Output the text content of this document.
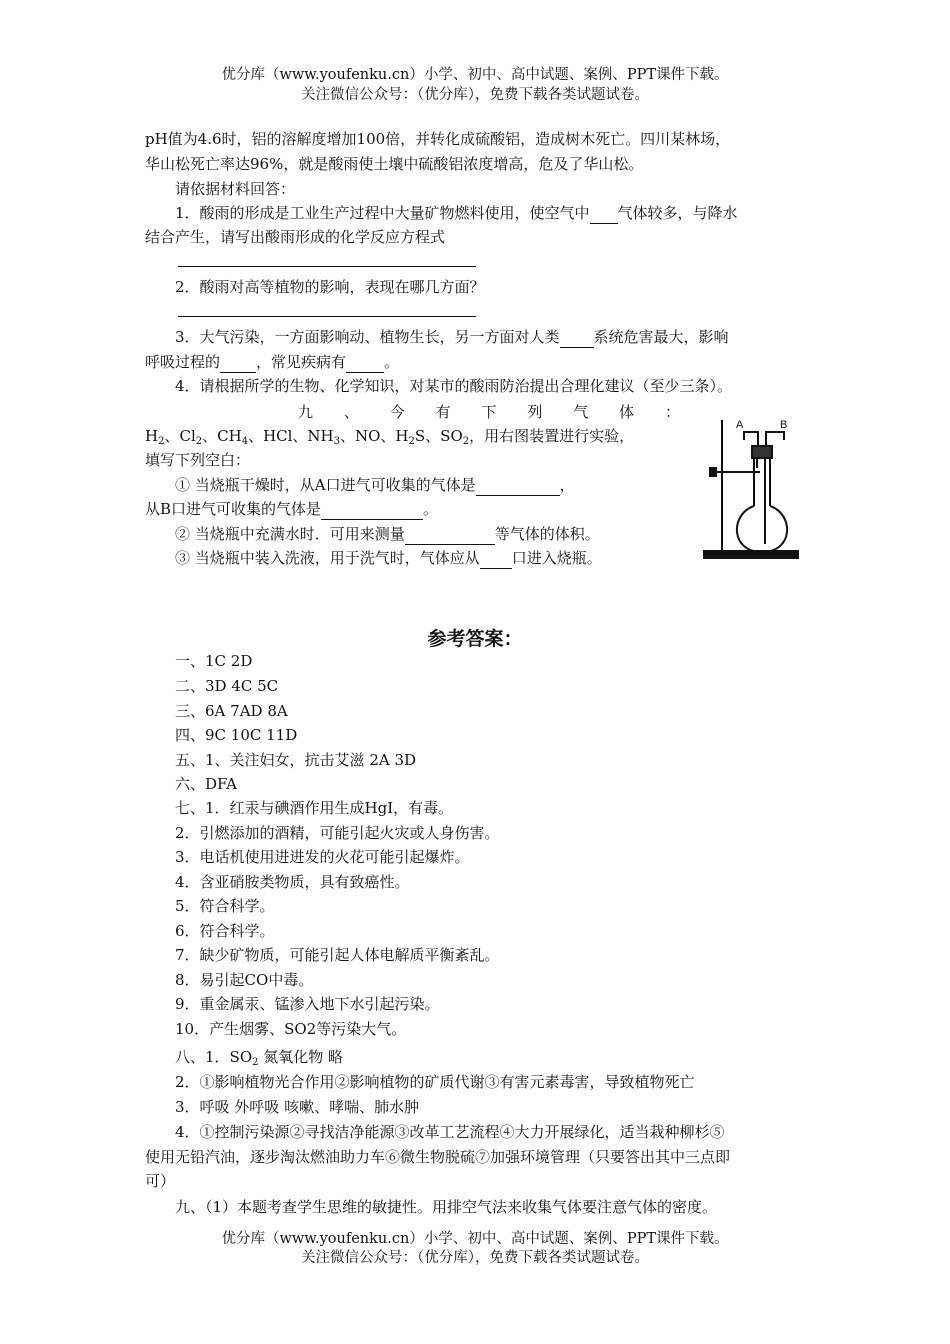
优分库（www.youfenku.cn）小学、初中、高中试题、案例、PPT课件下载。
关注微信公众号：（优分库），免费下载各类试题试卷。
pH值为4.6时，铝的溶解度增加100倍，并转化成硫酸铝，造成树木死亡。四川某林场，
华山松死亡率达96%，就是酸雨使土壤中硫酸铝浓度增高，危及了华山松。
请依据材料回答：
1．酸雨的形成是工业生产过程中大量矿物燃料使用，使空气中 气体较多，与降水
结合产生，请写出酸雨形成的化学反应方程式
2．酸雨对高等植物的影响，表现在哪几方面？
3．大气污染，一方面影响动、植物生长，另一方面对人类 系统危害最大，影响
呼吸过程的 ，常见疾病有	。
4．请根据所学的生物、化学知识，对某市的酸雨防治提出合理化建议（至少三条）。
九 、 今 有 下 列 气 体 ：
$H_2$、$Cl_2$、$CH_4$、HCl、$NH_3$、NO、$H_2S$、$SO_2$，用右图装置进行实验，
填写下列空白：
① 当烧瓶干燥时，从A口进气可收集的气体是	，
从B口进气可收集的气体是	。
② 当烧瓶中充满水时．可用来测量	等气体的体积。
③ 当烧瓶中装入洗液，用于洗气时，气体应从 口进入烧瓶。
A	B
参考答案：
一、1C 2D
二、3D 4C 5C
三、6A 7AD 8A
四、9C 10C 11D
五、1、关注妇女，抗击艾滋 2A 3D
六、DFA
七、1．红汞与碘酒作用生成HgI，有毒。
2．引燃添加的酒精，可能引起火灾或人身伤害。
3．电话机使用进进发的火花可能引起爆炸。
4．含亚硝胺类物质，具有致癌性。
5．符合科学。
6．符合科学。
7．缺少矿物质，可能引起人体电解质平衡紊乱。
8．易引起CO中毒。
9．重金属汞、锰渗入地下水引起污染。
10．产生烟雾、SO2等污染大气。
八、1．$SO_2$ 氮氧化物 略
2．①影响植物光合作用②影响植物的矿质代谢③有害元素毒害，导致植物死亡
3．呼吸 外呼吸 咳嗽、哮喘、肺水肿
4．①控制污染源②寻找洁净能源③改革工艺流程④大力开展绿化，适当栽种柳杉⑤
使用无铅汽油，逐步淘汰燃油助力车⑥微生物脱硫⑦加强环境管理（只要答出其中三点即
可）
九、（1）本题考查学生思维的敏捷性。用排空气法来收集气体要注意气体的密度。
优分库（www.youfenku.cn）小学、初中、高中试题、案例、PPT课件下载。
关注微信公众号：（优分库），免费下载各类试题试卷。
